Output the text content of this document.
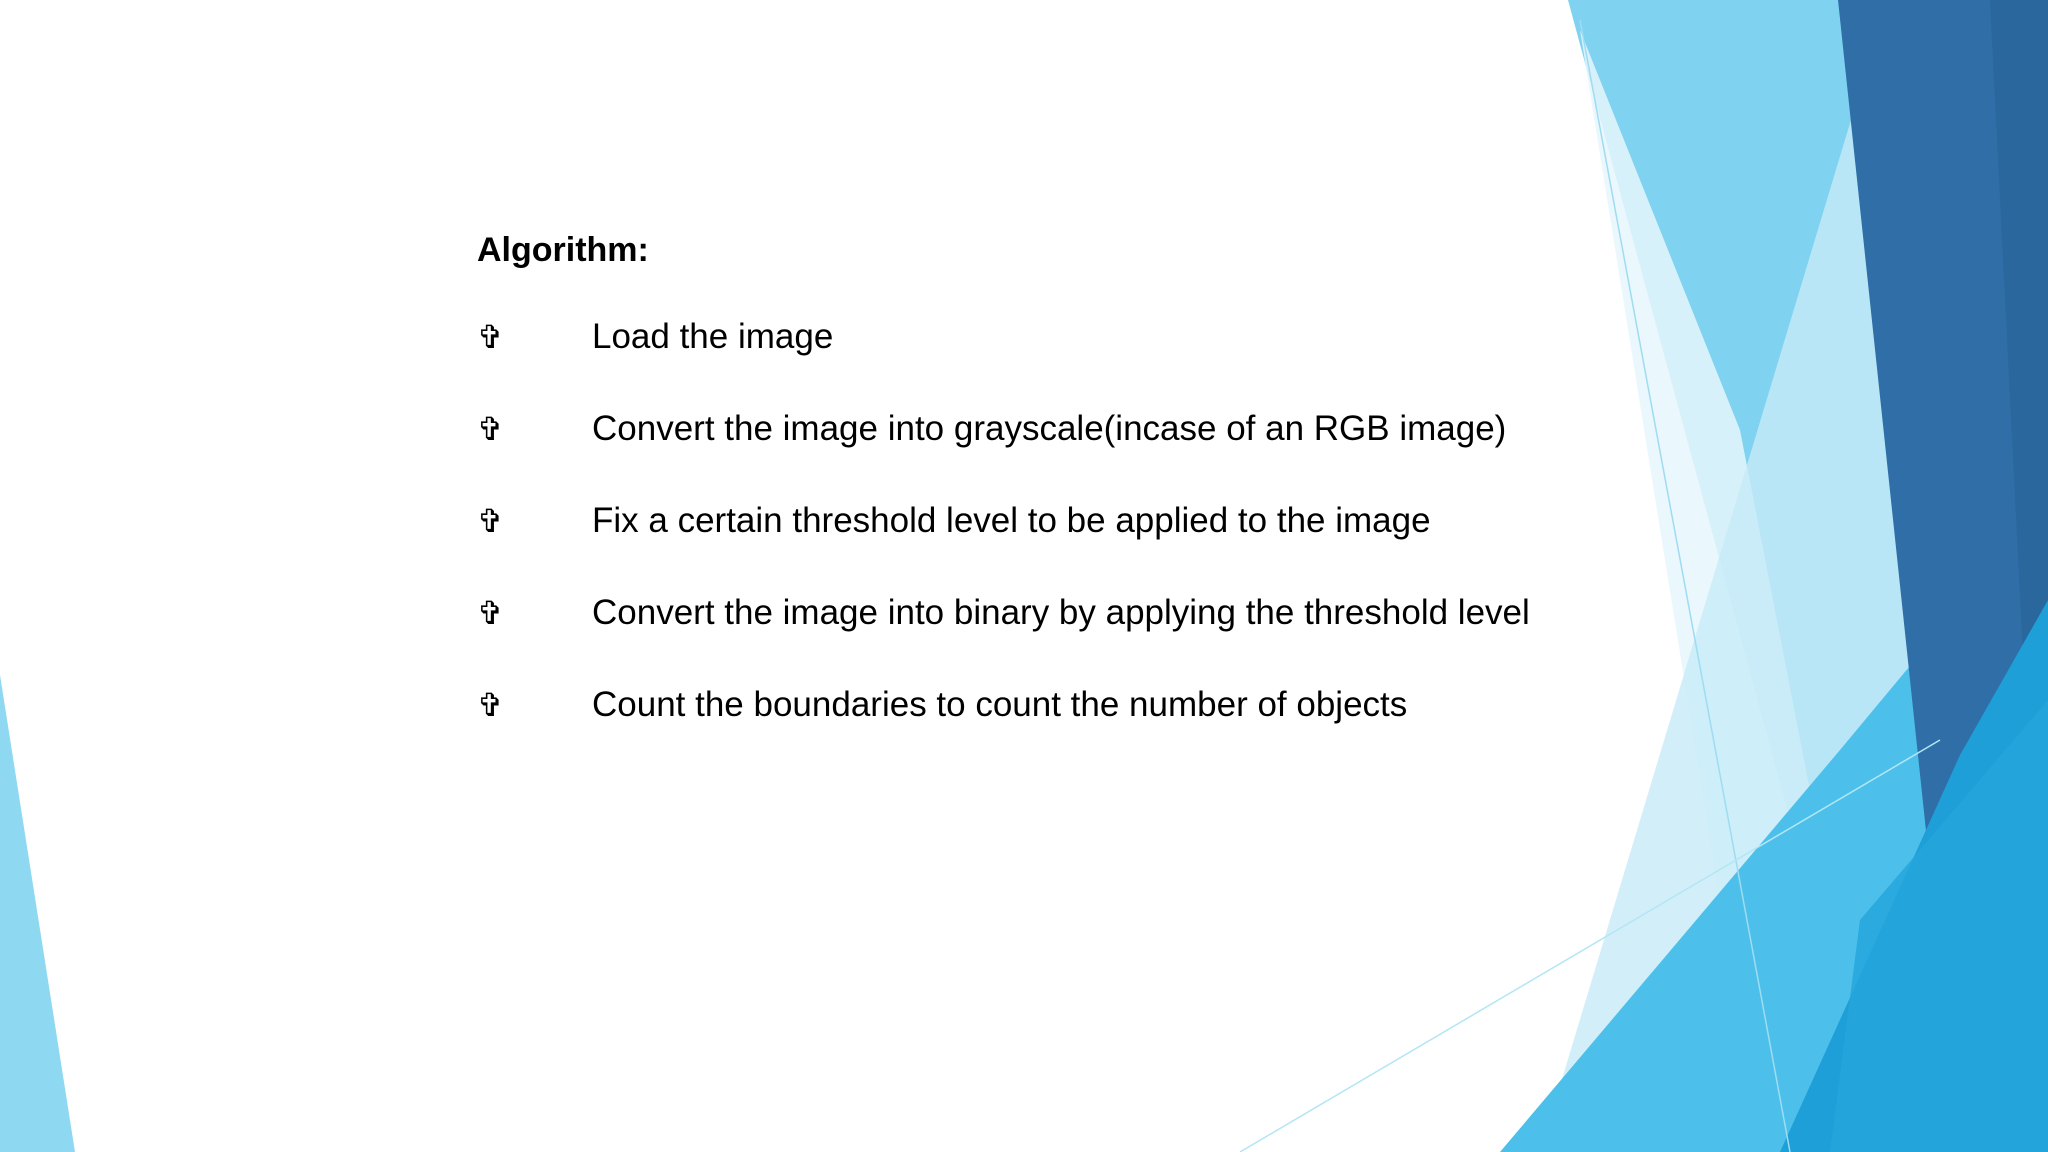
Algorithm:
✞	Load the image
✞	Convert the image into grayscale(incase of an RGB image)
✞	Fix a certain threshold level to be applied to the image
✞	Convert the image into binary by applying the threshold level
✞	Count the boundaries to count the number of objects
